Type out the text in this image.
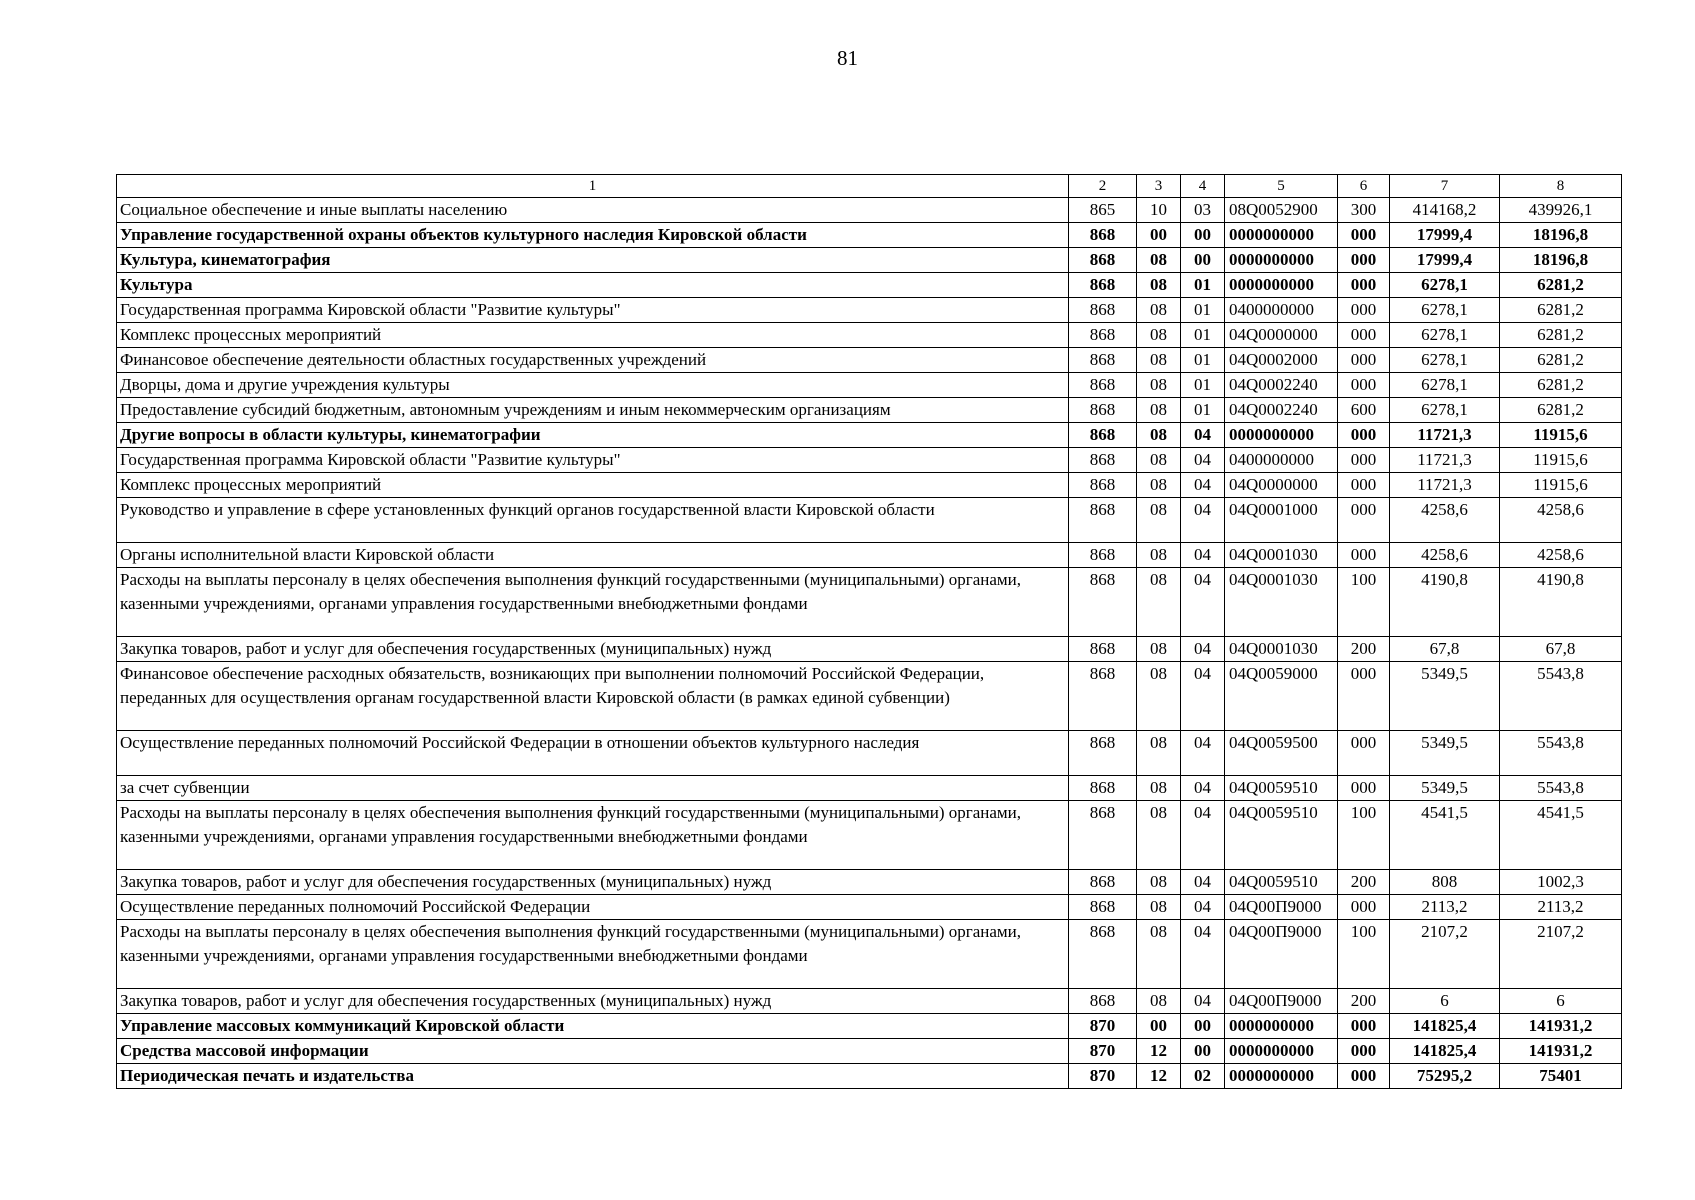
81
1	2	3	4	5	6	7	8
Социальное обеспечение и иные выплаты населению	865	10	03	08Q0052900	300	414168,2	439926,1
Управление государственной охраны объектов культурного наследия Кировской области	868	00	00	0000000000	000	17999,4	18196,8
Культура, кинематография	868	08	00	0000000000	000	17999,4	18196,8
Культура	868	08	01	0000000000	000	6278,1	6281,2
Государственная программа Кировской области "Развитие культуры"	868	08	01	0400000000	000	6278,1	6281,2
Комплекс процессных мероприятий	868	08	01	04Q0000000	000	6278,1	6281,2
Финансовое обеспечение деятельности областных государственных учреждений	868	08	01	04Q0002000	000	6278,1	6281,2
Дворцы, дома и другие учреждения культуры	868	08	01	04Q0002240	000	6278,1	6281,2
Предоставление субсидий бюджетным, автономным учреждениям и иным некоммерческим организациям	868	08	01	04Q0002240	600	6278,1	6281,2
Другие вопросы в области культуры, кинематографии	868	08	04	0000000000	000	11721,3	11915,6
Государственная программа Кировской области "Развитие культуры"	868	08	04	0400000000	000	11721,3	11915,6
Комплекс процессных мероприятий	868	08	04	04Q0000000	000	11721,3	11915,6
Руководство и управление в сфере установленных функций органов государственной власти Кировской области	868	08	04	04Q0001000	000	4258,6	4258,6
Органы исполнительной власти Кировской области	868	08	04	04Q0001030	000	4258,6	4258,6
Расходы на выплаты персоналу в целях обеспечения выполнения функций государственными (муниципальными) органами, казенными учреждениями, органами управления государственными внебюджетными фондами	868	08	04	04Q0001030	100	4190,8	4190,8
Закупка товаров, работ и услуг для обеспечения государственных (муниципальных) нужд	868	08	04	04Q0001030	200	67,8	67,8
Финансовое обеспечение расходных обязательств, возникающих при выполнении полномочий Российской Федерации, переданных для осуществления органам государственной власти Кировской области (в рамках единой субвенции)	868	08	04	04Q0059000	000	5349,5	5543,8
Осуществление переданных полномочий Российской Федерации в отношении объектов культурного наследия	868	08	04	04Q0059500	000	5349,5	5543,8
за счет субвенции	868	08	04	04Q0059510	000	5349,5	5543,8
Расходы на выплаты персоналу в целях обеспечения выполнения функций государственными (муниципальными) органами, казенными учреждениями, органами управления государственными внебюджетными фондами	868	08	04	04Q0059510	100	4541,5	4541,5
Закупка товаров, работ и услуг для обеспечения государственных (муниципальных) нужд	868	08	04	04Q0059510	200	808	1002,3
Осуществление переданных полномочий Российской Федерации	868	08	04	04Q00П9000	000	2113,2	2113,2
Расходы на выплаты персоналу в целях обеспечения выполнения функций государственными (муниципальными) органами, казенными учреждениями, органами управления государственными внебюджетными фондами	868	08	04	04Q00П9000	100	2107,2	2107,2
Закупка товаров, работ и услуг для обеспечения государственных (муниципальных) нужд	868	08	04	04Q00П9000	200	6	6
Управление массовых коммуникаций Кировской области	870	00	00	0000000000	000	141825,4	141931,2
Средства массовой информации	870	12	00	0000000000	000	141825,4	141931,2
Периодическая печать и издательства	870	12	02	0000000000	000	75295,2	75401
